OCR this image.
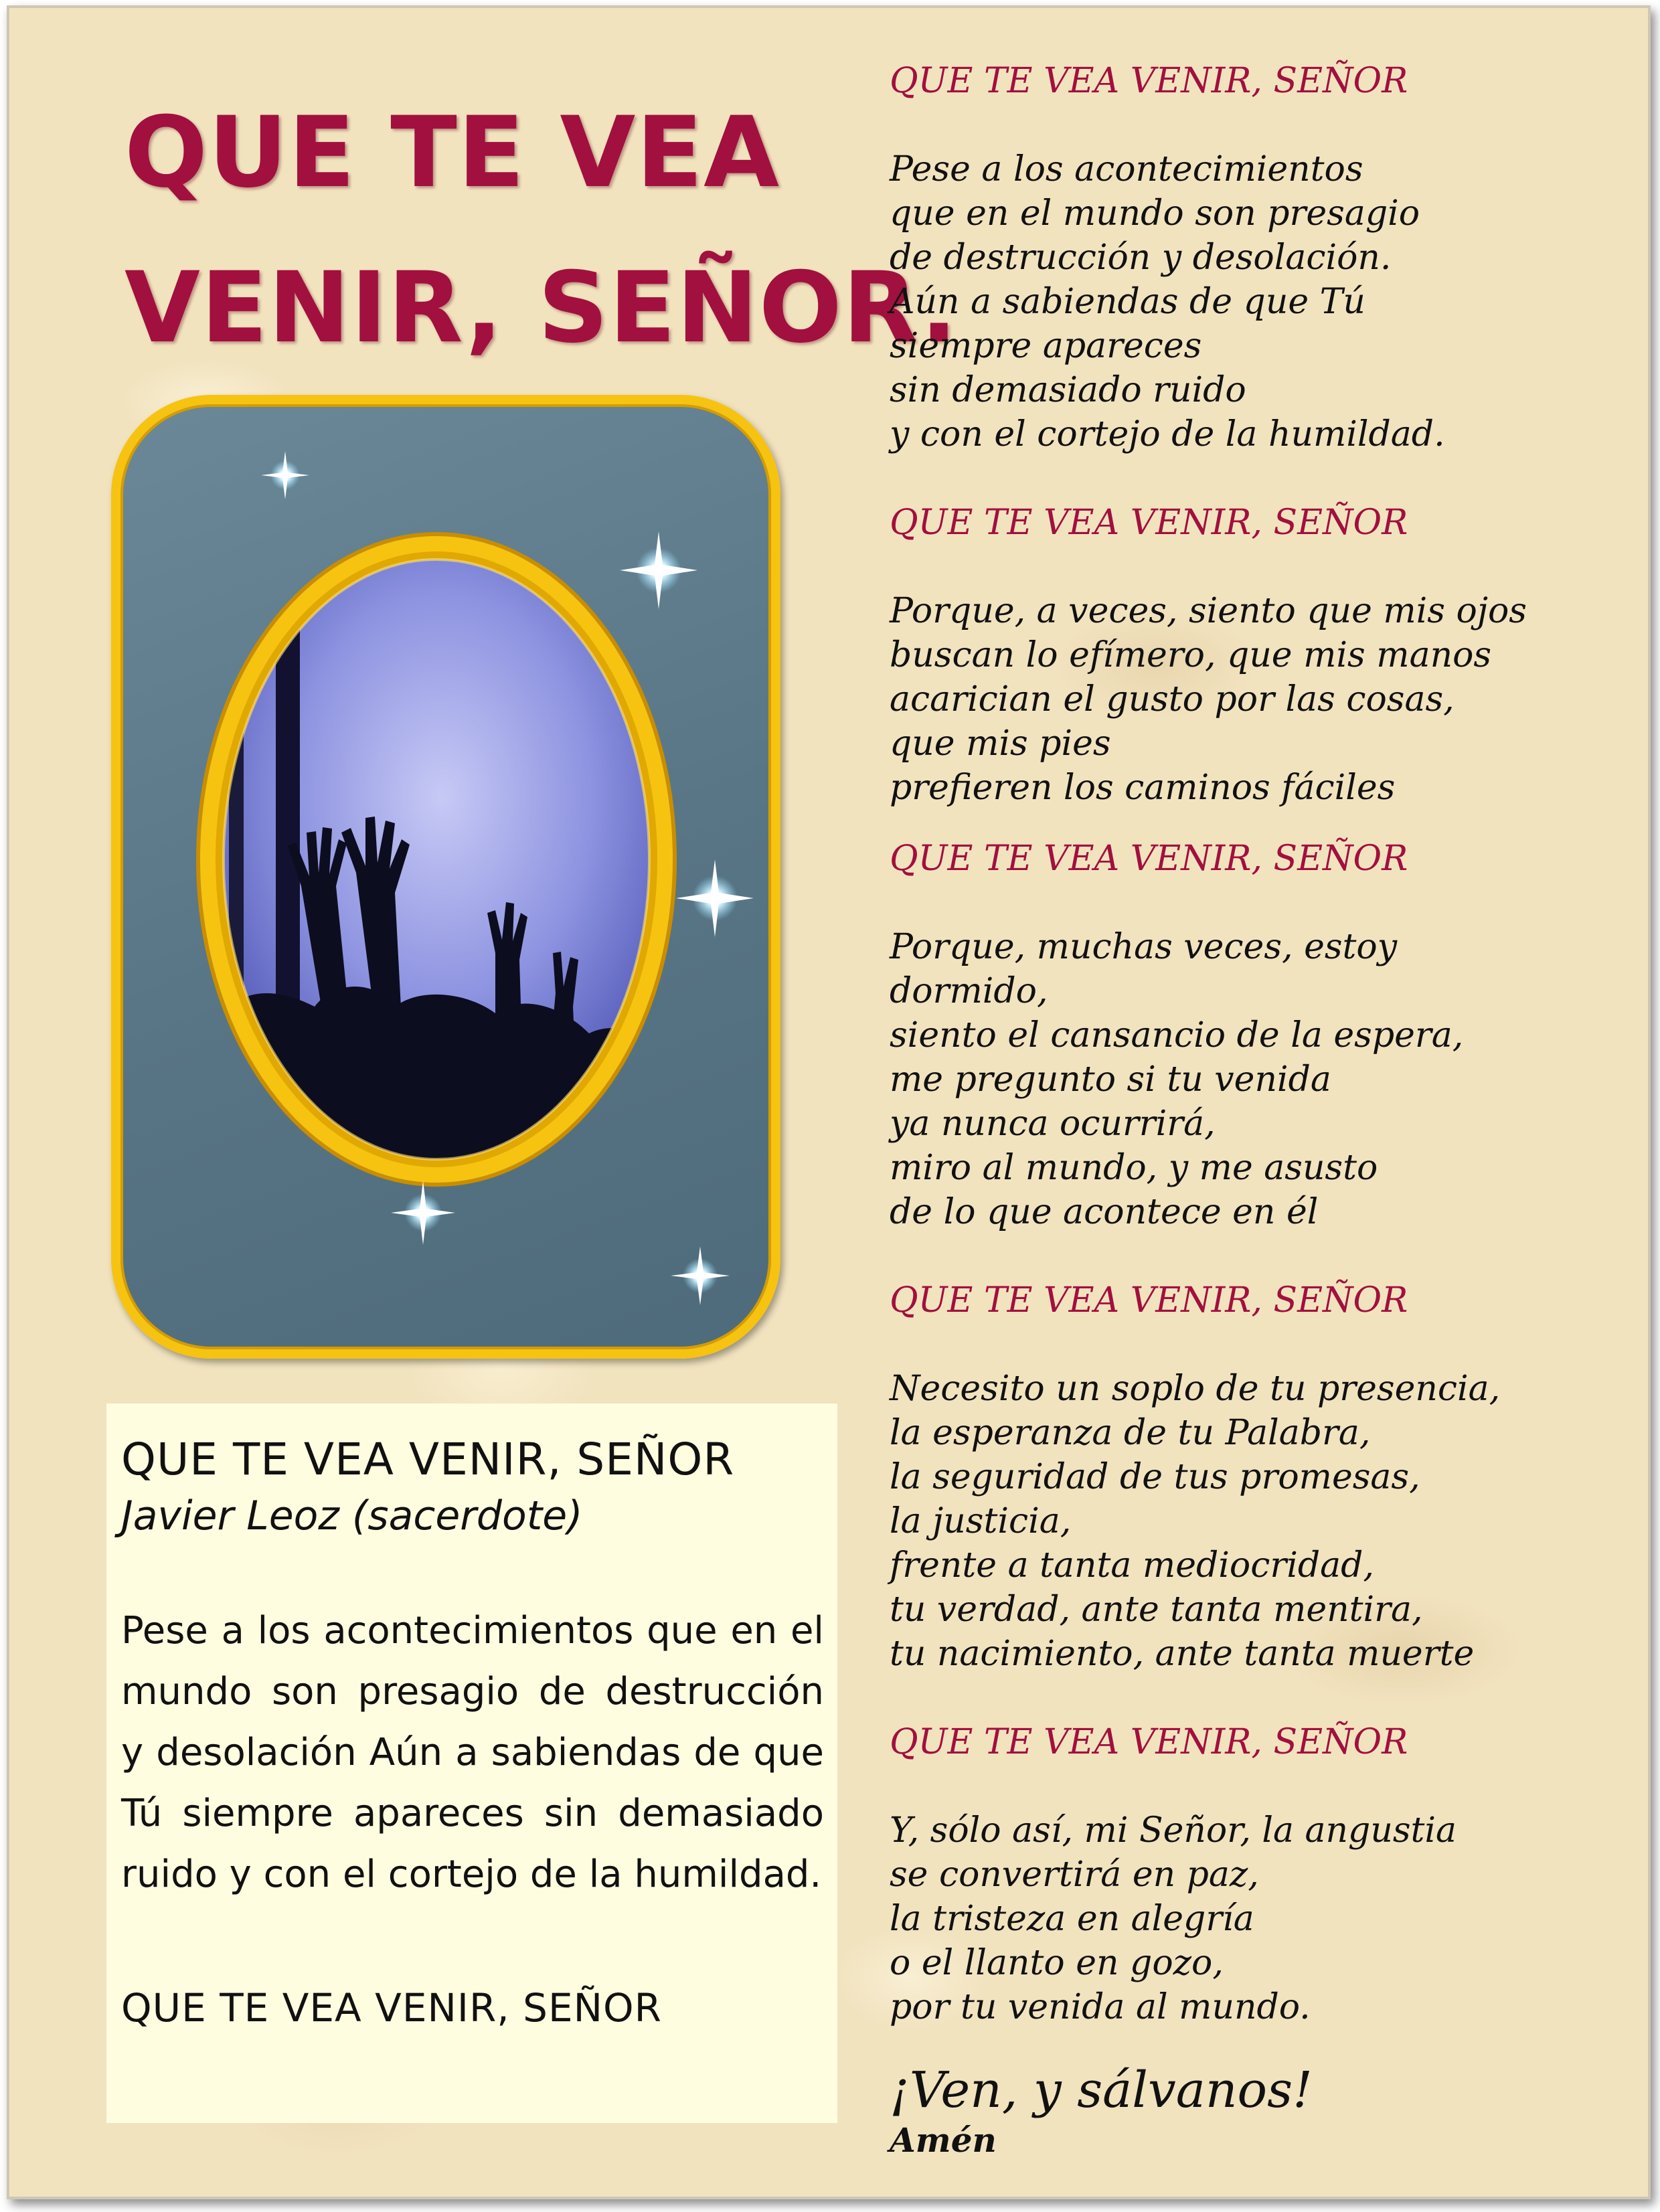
QUE TE VEA
VENIR, SEÑOR.
QUE TE VEA VENIR, SEÑOR
Javier Leoz (sacerdote)
Pese a los acontecimientos que en el mundo son presagio de destrucción y desolación Aún a sabiendas de que Tú siempre apareces sin demasiado ruido y con el cortejo de la humildad.
QUE TE VEA VENIR, SEÑOR
QUE TE VEA VENIR, SEÑOR
Pese a los acontecimientos
que en el mundo son presagio
de destrucción y desolación.
Aún a sabiendas de que Tú
siempre apareces
sin demasiado ruido
y con el cortejo de la humildad.
QUE TE VEA VENIR, SEÑOR
Porque, a veces, siento que mis ojos
buscan lo efímero, que mis manos
acarician el gusto por las cosas,
que mis pies
prefieren los caminos fáciles
QUE TE VEA VENIR, SEÑOR
Porque, muchas veces, estoy
dormido,
siento el cansancio de la espera,
me pregunto si tu venida
ya nunca ocurrirá,
miro al mundo, y me asusto
de lo que acontece en él
QUE TE VEA VENIR, SEÑOR
Necesito un soplo de tu presencia,
la esperanza de tu Palabra,
la seguridad de tus promesas,
la justicia,
frente a tanta mediocridad,
tu verdad, ante tanta mentira,
tu nacimiento, ante tanta muerte
QUE TE VEA VENIR, SEÑOR
Y, sólo así, mi Señor, la angustia
se convertirá en paz,
la tristeza en alegría
o el llanto en gozo,
por tu venida al mundo.
¡Ven, y sálvanos!
Amén
